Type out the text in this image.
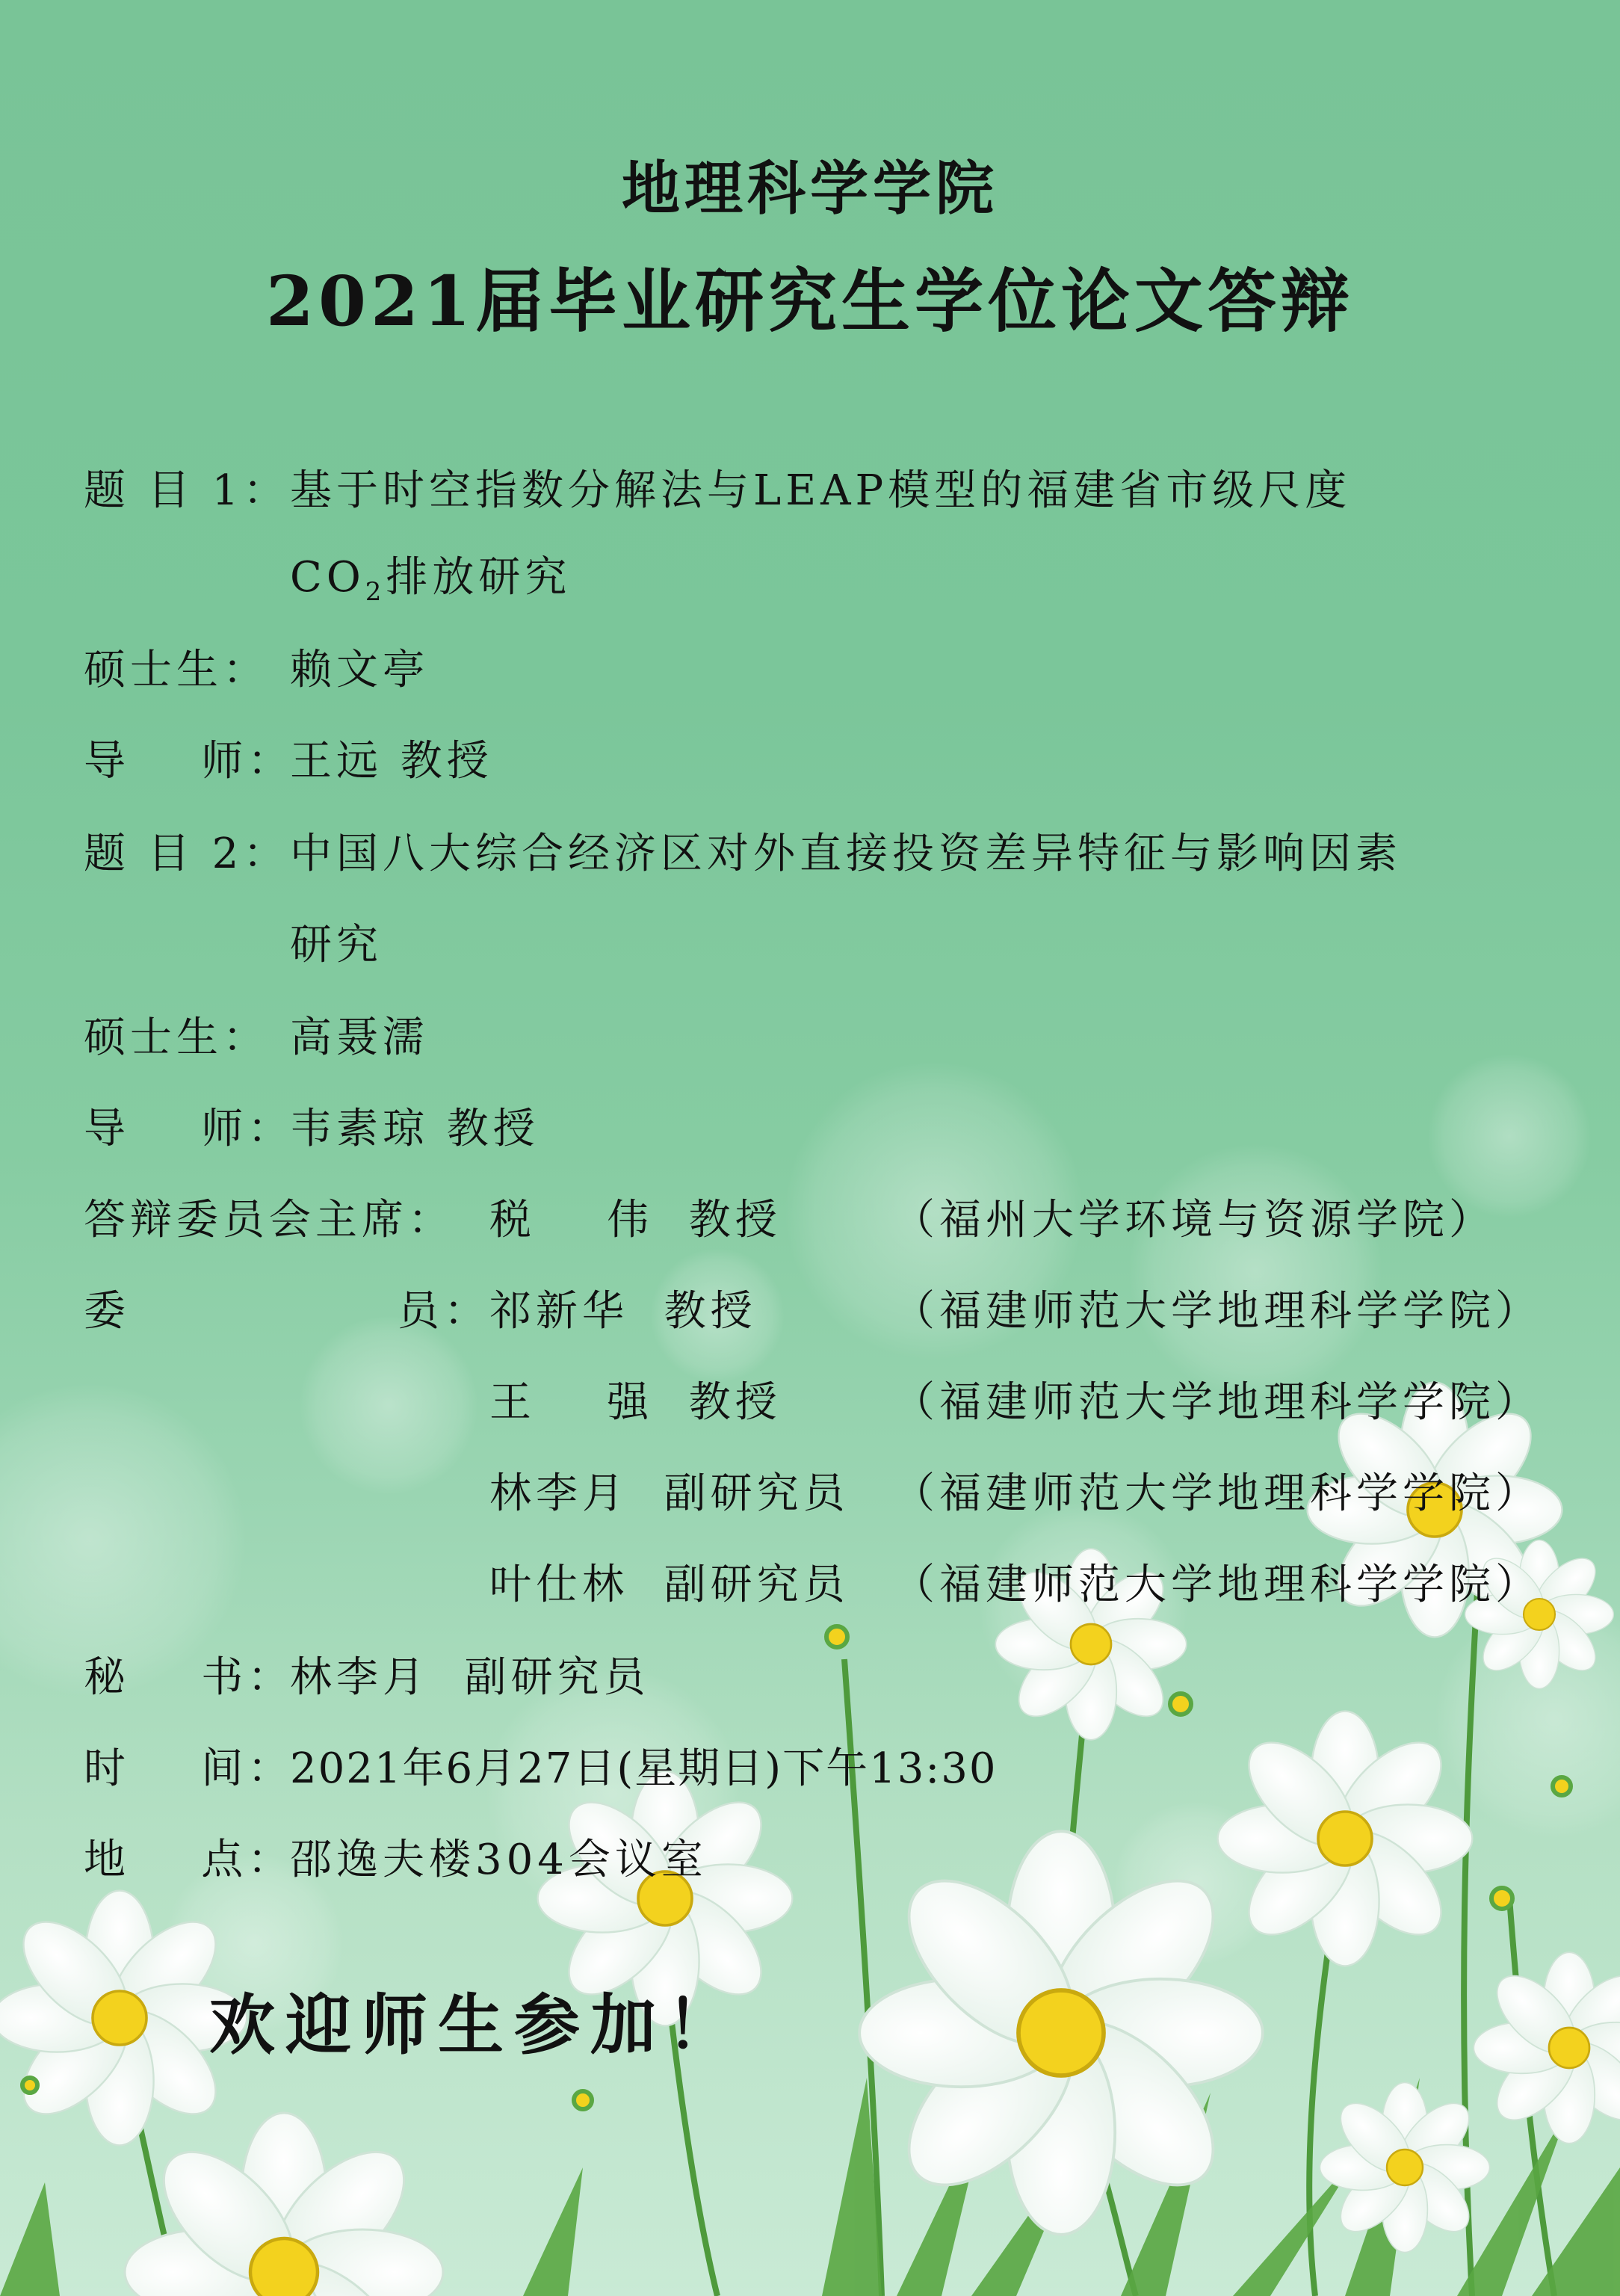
地理科学学院
2021届毕业研究生学位论文答辩
题 目 1： 基于时空指数分解法与LEAP模型的福建省市级尺度
$CO_2$排放研究
硕士生： 赖文亭
导    师：
王远 教授
题 目 2： 中国八大综合经济区对外直接投资差异特征与影响因素
研究
硕士生： 高聂濡
导    师：
韦素琼 教授
答辩委员会主席： 税    伟  教授	（福州大学环境与资源学院）
委	员： 祁新华  教授	（福建师范大学地理科学学院）
王    强  教授	（福建师范大学地理科学学院）
林李月  副研究员 （福建师范大学地理科学学院）
叶仕林  副研究员 （福建师范大学地理科学学院）
秘    书：
林李月  副研究员
时    间：
2021年6月27日(星期日)下午13:30
地    点：
邵逸夫楼304会议室
欢迎师生参加！
